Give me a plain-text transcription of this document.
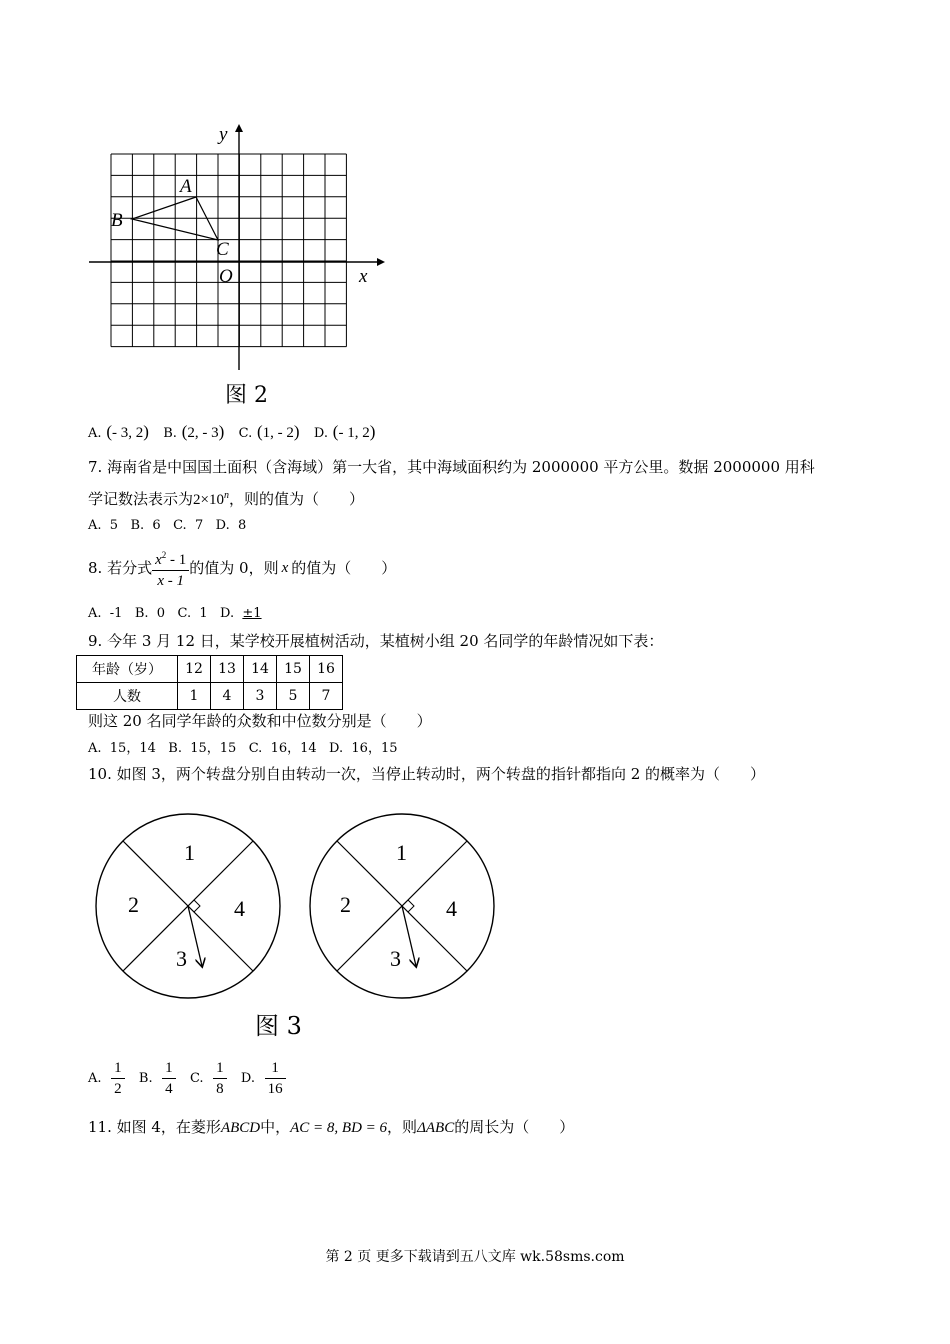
A
B
C
O	x
y
图 2
A. (- 3, 2) B. (2, - 3) C. (1, - 2) D. (- 1, 2)
7. 海南省是中国国土面积（含海域）第一大省，其中海域面积约为 2000000 平方公里。数据 2000000 用科
学记数法表示为$2\times 10^n$，则的值为（　　）
A.  5   B.  6   C.  7   D.  8
8. 若分式 $\frac{x^2 - 1}{x - 1}$ 的值为 0，则 x 的值为（　　）
A.  -1   B.  0   C.  1   D. ±1
9. 今年 3 月 12 日，某学校开展植树活动，某植树小组 20 名同学的年龄情况如下表：
年龄（岁）	12	13	14	15	16
人数	1	4	3	5	7
则这 20 名同学年龄的众数和中位数分别是（　　）
A.  15，14   B.  15，15   C.  16，14   D.  16，15
10. 如图 3，两个转盘分别自由转动一次，当停止转动时，两个转盘的指针都指向 2 的概率为（　　）
1
2
3
4
1
2
3
4
图 3
A. $\frac{1}{2} B$. $\frac{1}{4} C$. $\frac{1}{8} D$. $\frac{1}{16}$
11. 如图 4，在菱形ABCD中，AC = 8, BD = 6，则ΔABC的周长为（　　）
第 2 页 更多下载请到五八文库 wk.58sms.com
